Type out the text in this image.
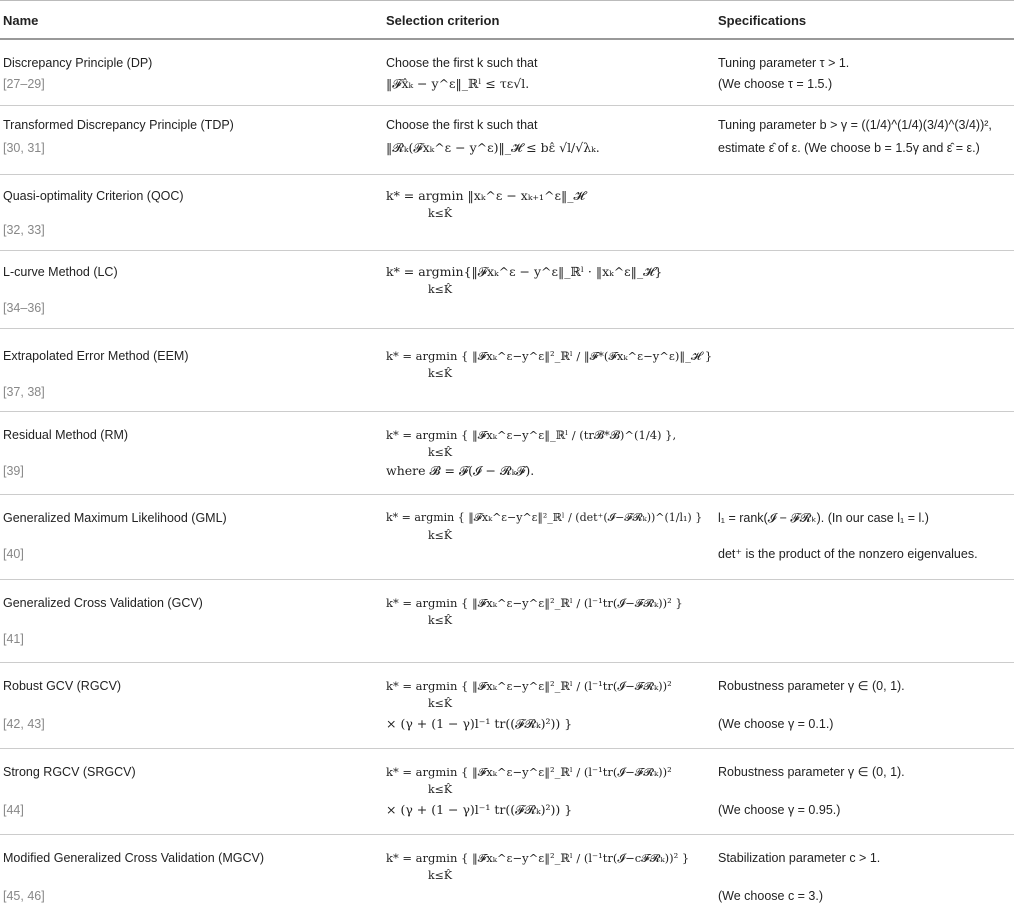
Name	Selection criterion	Specifications
Discrepancy Principle (DP)
[27–29]
Choose the first k such that
‖𝓕x̂ₖ − y^ε‖_ℝˡ ≤ τε√l.
Tuning parameter τ > 1.
(We choose τ = 1.5.)
Transformed Discrepancy Principle (TDP)
[30, 31]
Choose the first k such that
‖𝓡ₖ(𝓕xₖ^ε − y^ε)‖_𝓗 ≤ bε̂ √l/√λₖ.
Tuning parameter b > γ = ((1/4)^(1/4)(3/4)^(3/4))²,
estimate ε̂ of ε. (We choose b = 1.5γ and ε̂ = ε.)
Quasi-optimality Criterion (QOC)
[32, 33]
k* = argmin ‖xₖ^ε − xₖ₊₁^ε‖_𝓗
k≤K̂
L-curve Method (LC)
[34–36]
k* = argmin{‖𝓕xₖ^ε − y^ε‖_ℝˡ · ‖xₖ^ε‖_𝓗}
k≤K̂
Extrapolated Error Method (EEM)
[37, 38]
k* = argmin { ‖𝓕xₖ^ε−y^ε‖²_ℝˡ / ‖𝓕*(𝓕xₖ^ε−y^ε)‖_𝓗 }
k≤K̂
Residual Method (RM)
[39]
k* = argmin { ‖𝓕xₖ^ε−y^ε‖_ℝˡ / (tr𝓑*𝓑)^(1/4) },
k≤K̂
where 𝓑 = 𝓕(𝓘 − 𝓡ₖ𝓕).
Generalized Maximum Likelihood (GML)
[40]
k* = argmin { ‖𝓕xₖ^ε−y^ε‖²_ℝˡ / (det⁺(𝓘−𝓕𝓡ₖ))^(1/l₁) }
k≤K̂
l₁ = rank(𝓘 − 𝓕𝓡ₖ). (In our case l₁ = l.)
det⁺ is the product of the nonzero eigenvalues.
Generalized Cross Validation (GCV)
[41]
k* = argmin { ‖𝓕xₖ^ε−y^ε‖²_ℝˡ / (l⁻¹tr(𝓘−𝓕𝓡ₖ))² }
k≤K̂
Robust GCV (RGCV)
[42, 43]
k* = argmin { ‖𝓕xₖ^ε−y^ε‖²_ℝˡ / (l⁻¹tr(𝓘−𝓕𝓡ₖ))²
k≤K̂
× (γ + (1 − γ)l⁻¹ tr((𝓕𝓡ₖ)²)) }
Robustness parameter γ ∈ (0, 1).
(We choose γ = 0.1.)
Strong RGCV (SRGCV)
[44]
k* = argmin { ‖𝓕xₖ^ε−y^ε‖²_ℝˡ / (l⁻¹tr(𝓘−𝓕𝓡ₖ))²
k≤K̂
× (γ + (1 − γ)l⁻¹ tr((𝓕𝓡ₖ)²)) }
Robustness parameter γ ∈ (0, 1).
(We choose γ = 0.95.)
Modified Generalized Cross Validation (MGCV)
[45, 46]
k* = argmin { ‖𝓕xₖ^ε−y^ε‖²_ℝˡ / (l⁻¹tr(𝓘−c𝓕𝓡ₖ))² }
k≤K̂
Stabilization parameter c > 1.
(We choose c = 3.)
